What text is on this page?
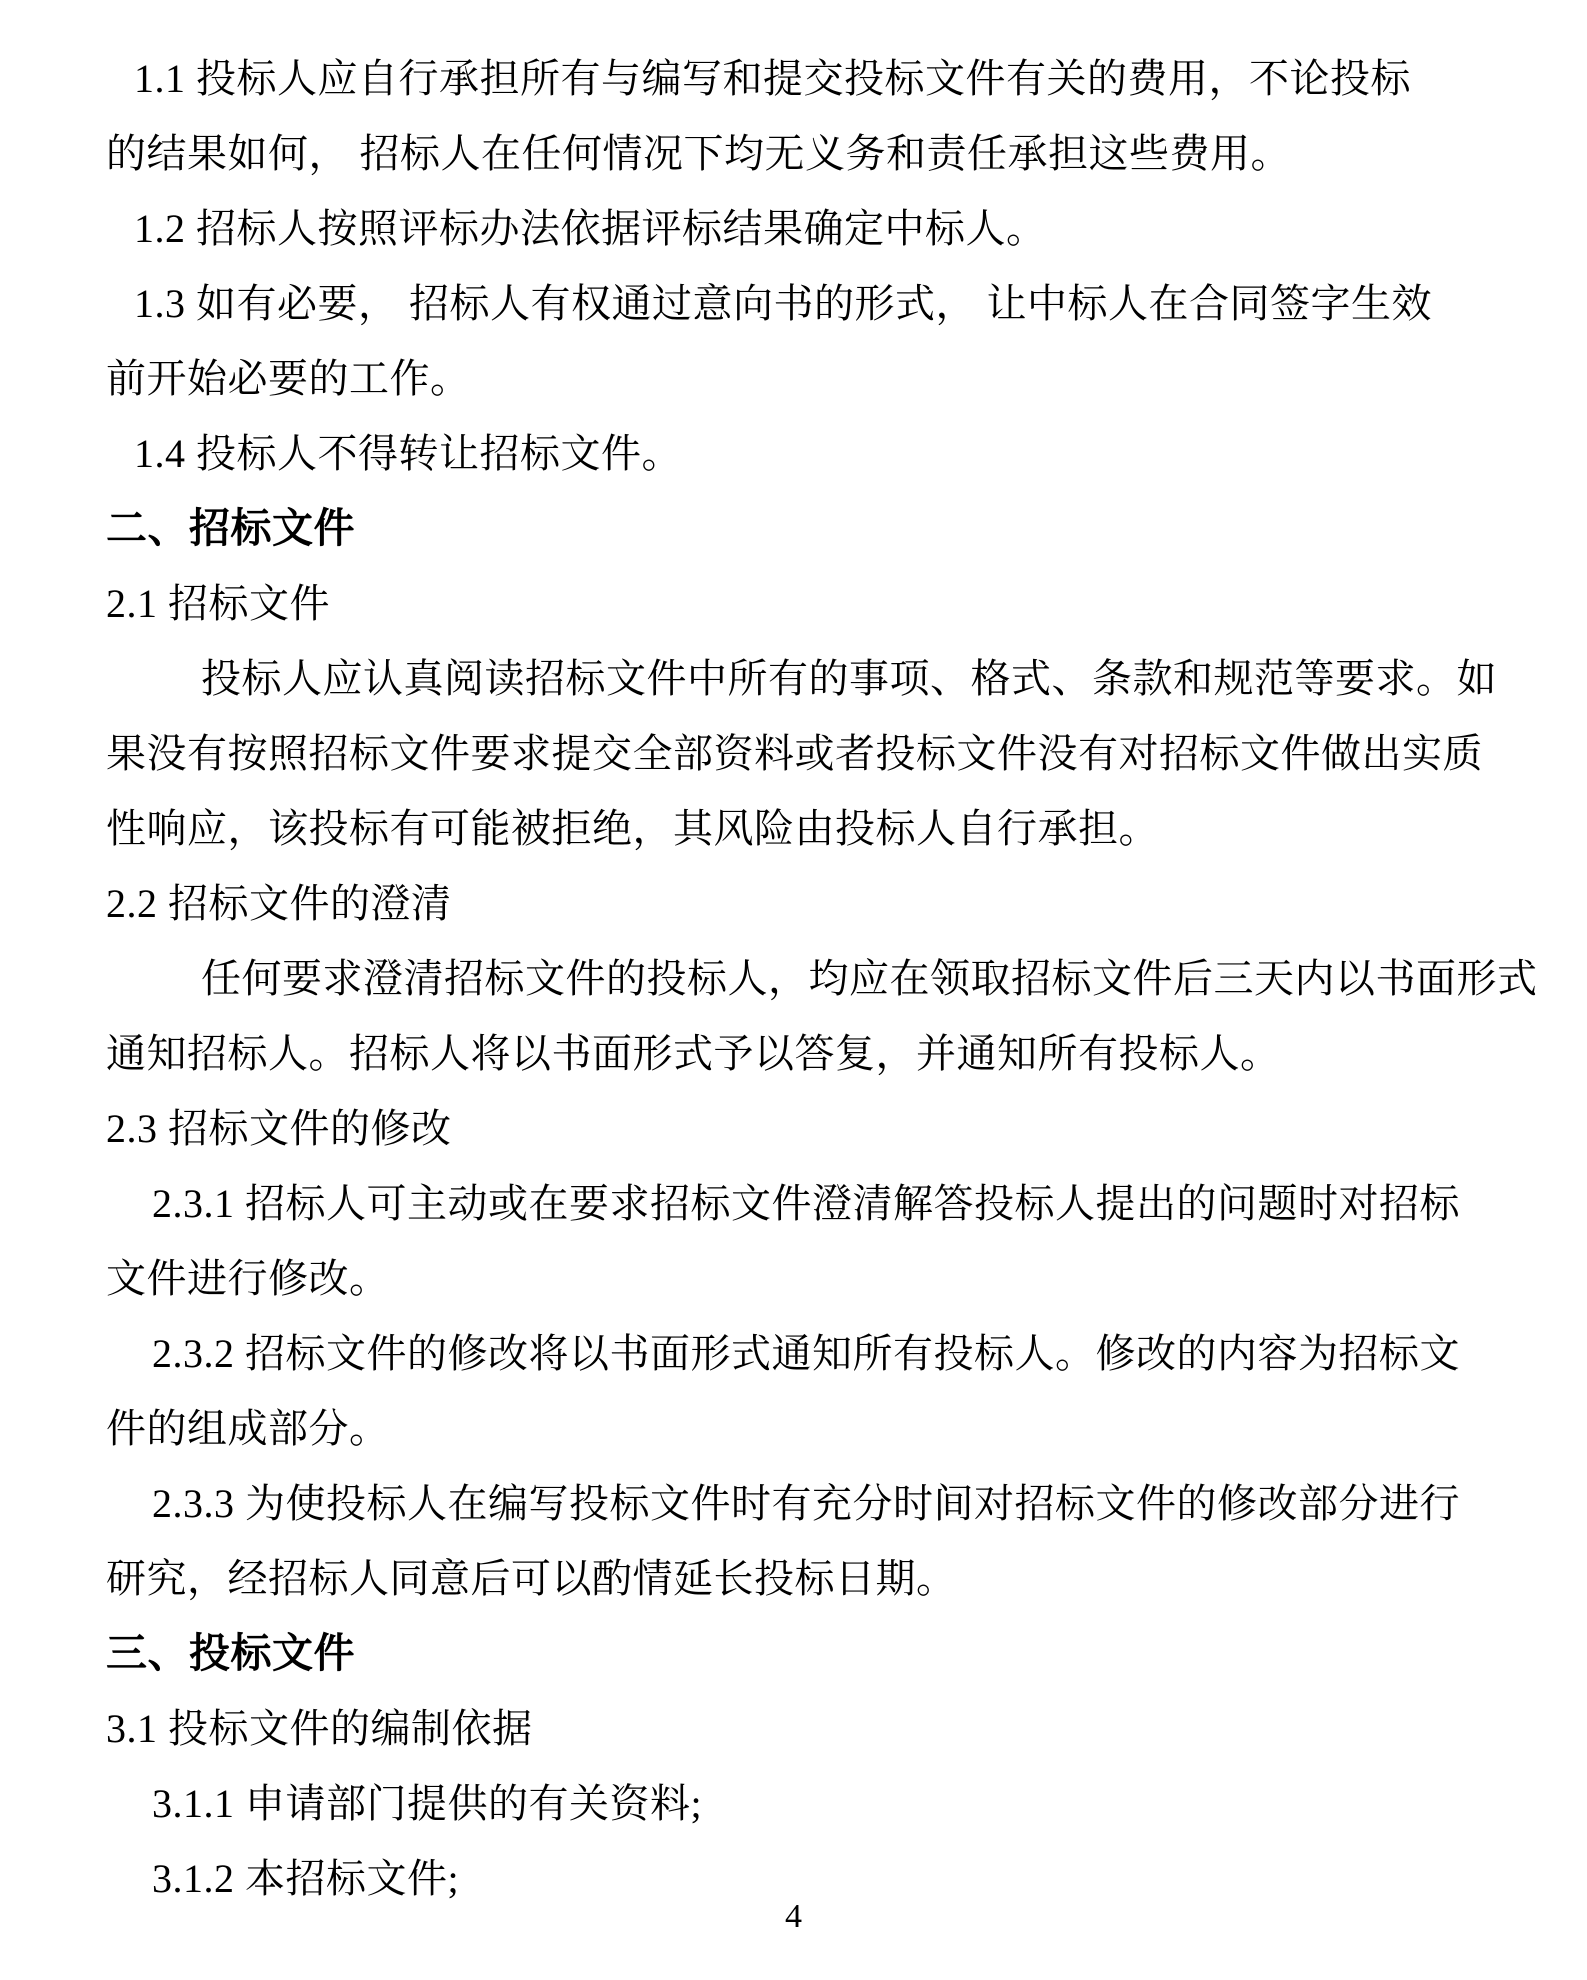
1.1 投标人应自行承担所有与编写和提交投标文件有关的费用，不论投标
的结果如何， 招标人在任何情况下均无义务和责任承担这些费用。
1.2 招标人按照评标办法依据评标结果确定中标人。
1.3 如有必要， 招标人有权通过意向书的形式， 让中标人在合同签字生效
前开始必要的工作。
1.4 投标人不得转让招标文件。
二、招标文件
2.1 招标文件
投标人应认真阅读招标文件中所有的事项、格式、条款和规范等要求。如
果没有按照招标文件要求提交全部资料或者投标文件没有对招标文件做出实质
性响应，该投标有可能被拒绝，其风险由投标人自行承担。
2.2 招标文件的澄清
任何要求澄清招标文件的投标人，均应在领取招标文件后三天内以书面形式
通知招标人。招标人将以书面形式予以答复，并通知所有投标人。
2.3 招标文件的修改
2.3.1 招标人可主动或在要求招标文件澄清解答投标人提出的问题时对招标
文件进行修改。
2.3.2 招标文件的修改将以书面形式通知所有投标人。修改的内容为招标文
件的组成部分。
2.3.3 为使投标人在编写投标文件时有充分时间对招标文件的修改部分进行
研究，经招标人同意后可以酌情延长投标日期。
三、投标文件
3.1 投标文件的编制依据
3.1.1 申请部门提供的有关资料;
3.1.2 本招标文件;
4
